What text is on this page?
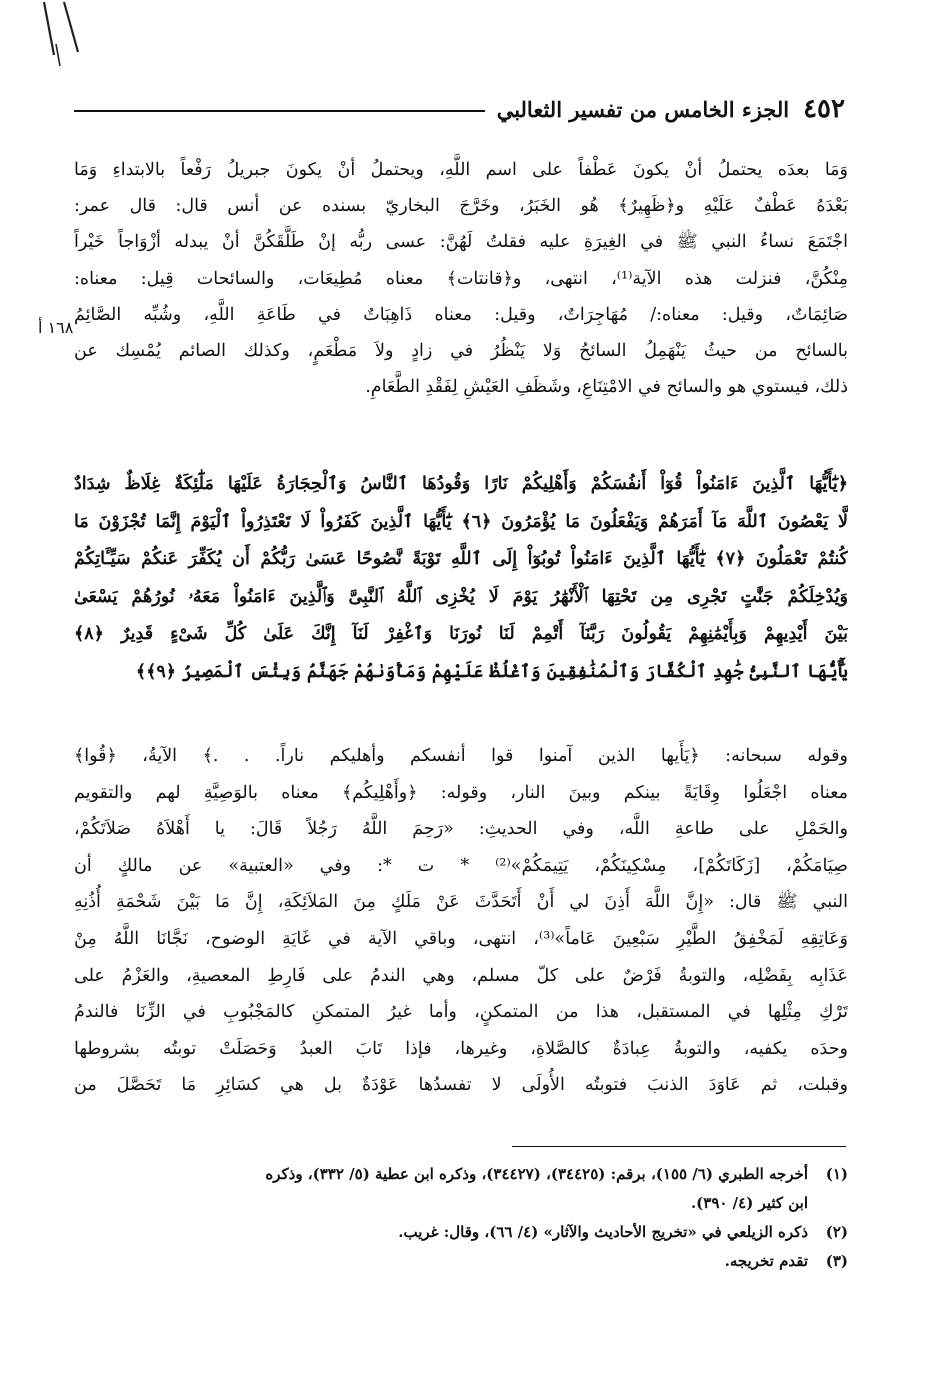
٤٥٢
الجزء الخامس من تفسير الثعالبي
١٦٨ أ
وَمَا بعدَه يحتملُ أنْ يكونَ عَطْفاً على اسم اللَّهِ، ويحتملُ أنْ يكونَ جبريلُ رَفْعاً بالابتداءِ وَمَا
بَعْدَهُ عَطْفٌ عَلَيْهِ و﴿ظَهِيرٌ﴾ هُو الخَبَرُ، وخَرَّجَ البخاريّ بسنده عن أنس قال: قال عمر:
اجْتَمَعَ نساءُ النبي ﷺ في الغِيرَةِ عليه فقلتُ لَهُنَّ: عسى ربُّه إنْ طَلَّقَكُنَّ أنْ يبدله أزْوَاجاً خَيْراً
مِنْكُنَّ، فنزلت هذه الآية⁽¹⁾، انتهى، و﴿قانتات﴾ معناه مُطِيعَات، والسائحات قِيل: معناه:
صَائِمَاتٌ، وقيل: معناه:/ مُهَاجِرَاتٌ، وقيل: معناه ذَاهِبَاتٌ في طَاعَةِ اللَّهِ، وشُبِّه الصَّائِمُ
بالسائح من حيثُ يَنْهَمِلُ السائحُ وَلا يَنْظُرُ في زادٍ ولاَ مَطْعَمٍ، وكذلك الصائم يُمْسِك عن
ذلك، فيستوي هو والسائح في الامْتِنَاعِ، وشَظَفِ العَيْشِ لِفَقْدِ الطَّعَامِ.
﴿يَٰٓأَيُّهَا ٱلَّذِينَ ءَامَنُواْ قُوٓاْ أَنفُسَكُمْ وَأَهْلِيكُمْ نَارًا وَقُودُهَا ٱلنَّاسُ وَٱلْحِجَارَةُ عَلَيْهَا مَلَٰٓئِكَةٌ غِلَاظٌ شِدَادٌ
لَّا يَعْصُونَ ٱللَّهَ مَآ أَمَرَهُمْ وَيَفْعَلُونَ مَا يُؤْمَرُونَ ﴿٦﴾ يَٰٓأَيُّهَا ٱلَّذِينَ كَفَرُواْ لَا تَعْتَذِرُواْ ٱلْيَوْمَ إِنَّمَا تُجْزَوْنَ مَا
كُنتُمْ تَعْمَلُونَ ﴿٧﴾ يَٰٓأَيُّهَا ٱلَّذِينَ ءَامَنُواْ تُوبُوٓاْ إِلَى ٱللَّهِ تَوْبَةً نَّصُوحًا عَسَىٰ رَبُّكُمْ أَن يُكَفِّرَ عَنكُمْ سَيِّـَٔاتِكُمْ
وَيُدْخِلَكُمْ جَنَّٰتٍ تَجْرِى مِن تَحْتِهَا ٱلْأَنْهَٰرُ يَوْمَ لَا يُخْزِى ٱللَّهُ ٱلنَّبِىَّ وَٱلَّذِينَ ءَامَنُواْ مَعَهُۥ نُورُهُمْ يَسْعَىٰ
بَيْنَ أَيْدِيهِمْ وَبِأَيْمَٰنِهِمْ يَقُولُونَ رَبَّنَآ أَتْمِمْ لَنَا نُورَنَا وَٱغْفِرْ لَنَآ إِنَّكَ عَلَىٰ كُلِّ شَىْءٍ قَدِيرٌ ﴿٨﴾
يَٰٓأَيُّهَا ٱلنَّبِىُّ جَٰهِدِ ٱلْكُفَّارَ وَٱلْمُنَٰفِقِينَ وَٱغْلُظْ عَلَيْهِمْ وَمَأْوَىٰهُمْ جَهَنَّمُ وَبِئْسَ ٱلْمَصِيرُ ﴿٩﴾﴾
وقوله سبحانه: ﴿يَأَيها الذين آمنوا قوا أنفسكم وأهليكم ناراً. . .﴾ الآيةُ، ﴿قُوا﴾
معناه اجْعَلُوا وِقَايَةً بينكم وبينَ النار، وقوله: ﴿وأَهْلِيكُم﴾ معناه بالوَصِيَّةِ لهم والتقويم
والحَمْلِ على طاعةِ اللَّه، وفي الحديثِ: «رَحِمَ اللَّهُ رَجُلاً قَالَ: يا أَهْلاَهُ صَلاَتَكُمْ،
صِيَامَكُمْ، [زَكَاتَكُمْ]، مِسْكِينَكُمْ، يَتِيمَكُمْ»⁽²⁾ * ت *: وفي «العتبية» عن مالكٍ أن
النبي ﷺ قال: «إِنَّ اللَّهَ أَذِنَ لي أَنْ أَتَحَدَّثَ عَنْ مَلَكٍ مِنَ المَلاَئِكَةِ، إِنَّ مَا بَيْنَ شَحْمَةِ أُذُنِهِ
وَعَاتِقِهِ لَمَخْفِقُ الطَّيْرِ سَبْعِينَ عَاماً»⁽³⁾، انتهى، وباقي الآية في غَايَةِ الوضوح، نَجَّانَا اللَّهُ مِنْ
عَذَابِه بِفَضْلِه، والتوبةُ فَرْضٌ على كلّ مسلم، وهي الندمُ على فَارِطِ المعصيةِ، والعَزْمُ على
تَرْكِ مِثْلِها في المستقبل، هذا من المتمكنٍ، وأما غيرُ المتمكنِ كالمَجْبُوبِ في الزِّنَا فالندمُ
وحدَه يكفيه، والتوبةُ عِبادَةٌ كالصَّلاةِ، وغيرها، فإذا تَابَ العبدُ وَحَصَلَتْ توبتُه بشروطها
وقبلت، ثم عَاوَدَ الذنبَ فتوبتُه الأُولَى لا تفسدُها عَوْدَةٌ بل هي كسَائِرِ مَا تَحَصَّلَ من
(١)
أخرجه الطبري (٦/ ١٥٥)، برقم: (٣٤٤٢٥)، (٣٤٤٢٧)، وذكره ابن عطية (٥/ ٣٣٢)، وذكره
ابن كثير (٤/ ٣٩٠).
(٢)
ذكره الزيلعي في «تخريج الأحاديث والآثار» (٤/ ٦٦)، وقال: غريب.
(٣)
تقدم تخريجه.
